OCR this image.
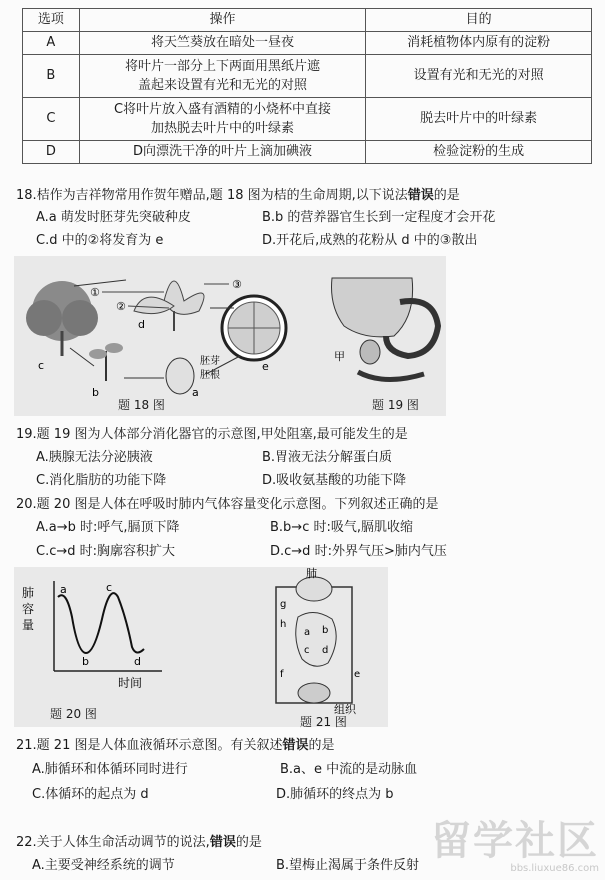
选项	操作	目的
A	将天竺葵放在暗处一昼夜	消耗植物体内原有的淀粉
B	将叶片一部分上下两面用黑纸片遮盖起来设置有光和无光的对照	设置有光和无光的对照
C	C将叶片放入盛有酒精的小烧杯中直接加热脱去叶片中的叶绿素	脱去叶片中的叶绿素
D	D向漂洗干净的叶片上滴加碘液	检验淀粉的生成
18.桔作为吉祥物常用作贺年赠品,题 18 图为桔的生命周期,以下说法错误的是
A.a 萌发时胚芽先突破种皮	B.b 的营养器官生长到一定程度才会开花
C.d 中的②将发育为 e	D.开花后,成熟的花粉从 d 中的③散出
c
①
②
③
d
e
胚芽
胚根
a
b
甲
题 18 图	题 19 图
19.题 19 图为人体部分消化器官的示意图,甲处阻塞,最可能发生的是
A.胰腺无法分泌胰液	B.胃液无法分解蛋白质
C.消化脂肪的功能下降	D.吸收氨基酸的功能下降
20.题 20 图是人体在呼吸时肺内气体容量变化示意图。下列叙述正确的是
A.a→b 时:呼气,膈顶下降	B.b→c 时:吸气,膈肌收缩
C.c→d 时:胸廓容积扩大	D.c→d 时:外界气压>肺内气压
肺
容
量
a
b
c
d
时间
肺
组织
g
h
a b
c d
e
f
题 20 图
题 21 图
21.题 21 图是人体血液循环示意图。有关叙述错误的是
A.肺循环和体循环同时进行	B.a、e 中流的是动脉血
C.体循环的起点为 d	D.肺循环的终点为 b
22.关于人体生命活动调节的说法,错误的是
A.主要受神经系统的调节	B.望梅止渴属于条件反射
留学社区
bbs.liuxue86.com
